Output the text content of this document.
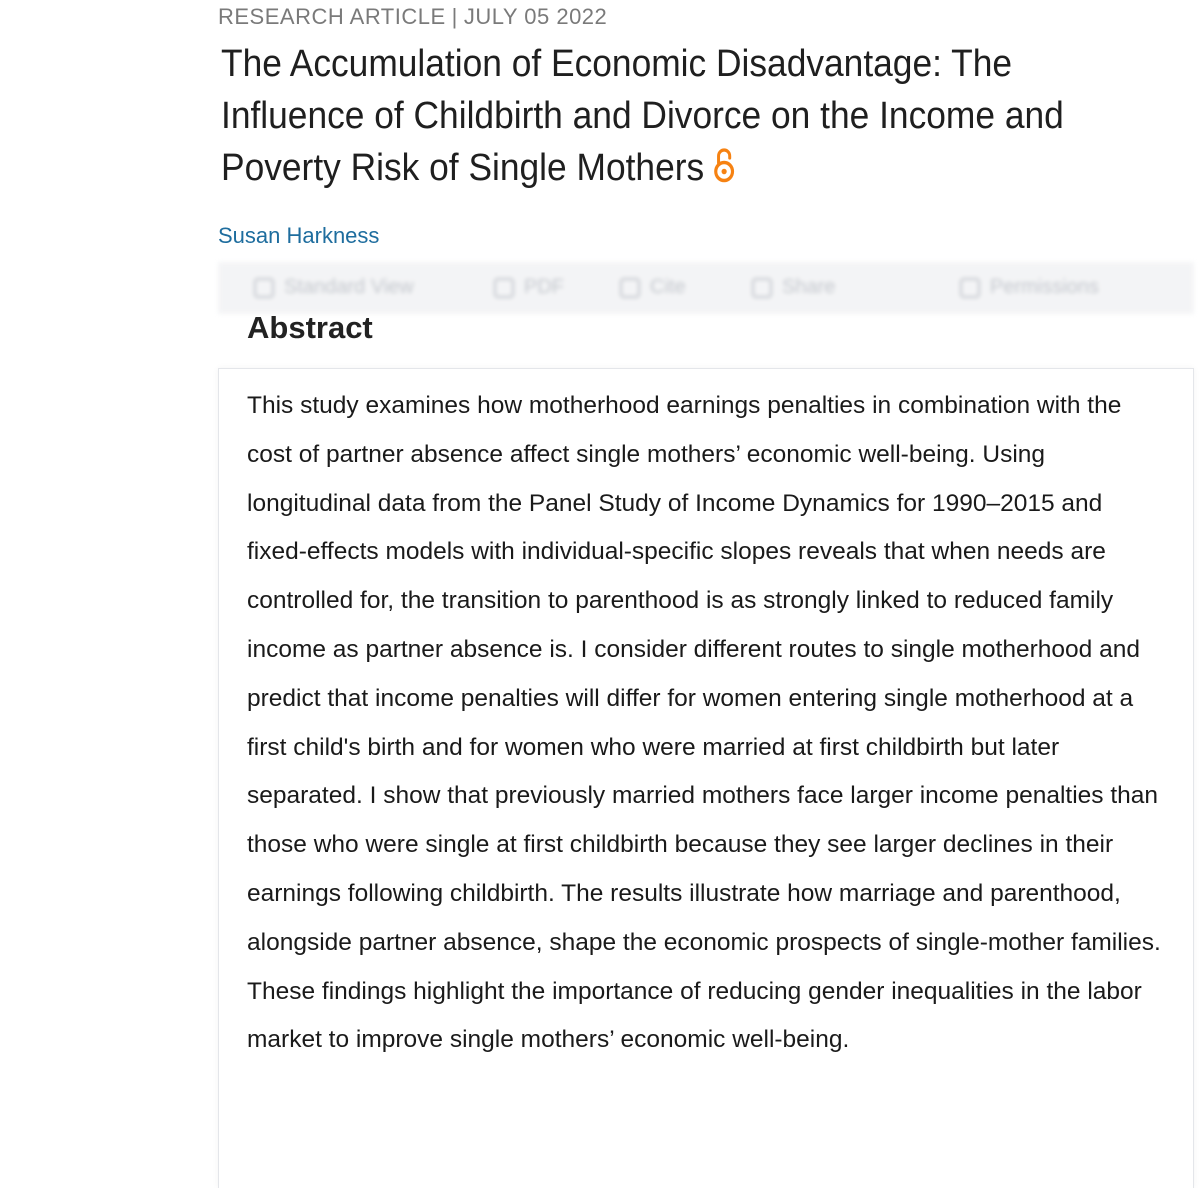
RESEARCH ARTICLE | JULY 05 2022
The Accumulation of Economic Disadvantage: The Influence of Childbirth and Divorce on the Income and Poverty Risk of Single Mothers
Susan Harkness
Standard View	PDF	Cite	Share	Permissions
Abstract

This study examines how motherhood earnings penalties in combination with the cost of partner absence affect single mothers’ economic well-being. Using longitudinal data from the Panel Study of Income Dynamics for 1990–2015 and fixed-effects models with individual-specific slopes reveals that when needs are controlled for, the transition to parenthood is as strongly linked to reduced family income as partner absence is. I consider different routes to single motherhood and predict that income penalties will differ for women entering single motherhood at a first child's birth and for women who were married at first childbirth but later separated. I show that previously married mothers face larger income penalties than those who were single at first childbirth because they see larger declines in their earnings following childbirth. The results illustrate how marriage and parenthood, alongside partner absence, shape the economic prospects of single-mother families. These findings highlight the importance of reducing gender inequalities in the labor market to improve single mothers’ economic well-being.
